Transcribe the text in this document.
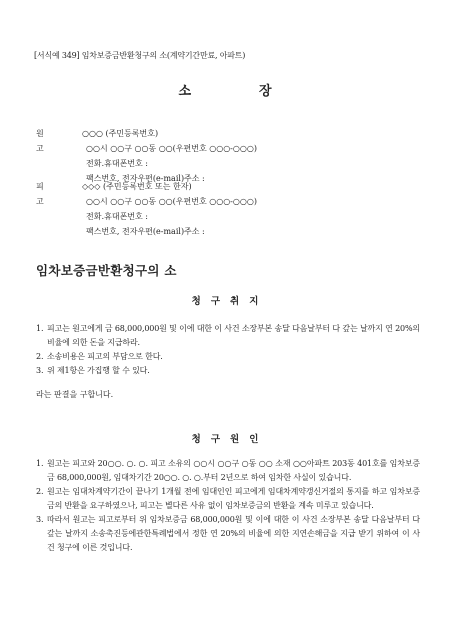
[서식예 349] 임차보증금반환청구의 소(계약기간만료, 아파트)
소	장
원고
○○○ (주민등록번호)
○○시 ○○구 ○○동 ○○(우편번호 ○○○-○○○)
전화․휴대폰번호 :
팩스번호, 전자우편(e-mail)주소 :
피고
◇◇◇ (주민등록번호 또는 한자)
○○시 ○○구 ○○동 ○○(우편번호 ○○○-○○○)
전화․휴대폰번호 :
팩스번호, 전자우편(e-mail)주소 :
임차보증금반환청구의 소
청 구 취 지
1. 피고는 원고에게 금 68,000,000원 및 이에 대한 이 사건 소장부본 송달 다음날부터 다 갚는 날까지 연 20%의 비율에 의한 돈을 지급하라.
2. 소송비용은 피고의 부담으로 한다.
3. 위 제1항은 가집행 할 수 있다.
라는 판결을 구합니다.
청 구 원 인
1. 원고는 피고와 20○○. ○. ○. 피고 소유의 ○○시 ○○구 ○동 ○○ 소재 ○○아파트 203동 401호를 임차보증금 68,000,000원, 임대차기간 20○○. ○. ○.부터 2년으로 하여 임차한 사실이 있습니다.
2. 원고는 임대차계약기간이 끝나기 1개월 전에 임대인인 피고에게 임대차계약갱신거절의 통지를 하고 임차보증금의 반환을 요구하였으나, 피고는 별다른 사유 없이 임차보증금의 반환을 계속 미루고 있습니다.
3. 따라서 원고는 피고로부터 위 임차보증금 68,000,000원 및 이에 대한 이 사건 소장부본 송달 다음날부터 다 갚는 날까지 소송촉진등에관한특례법에서 정한 연 20%의 비율에 의한 지연손해금을 지급 받기 위하여 이 사건 청구에 이른 것입니다.
